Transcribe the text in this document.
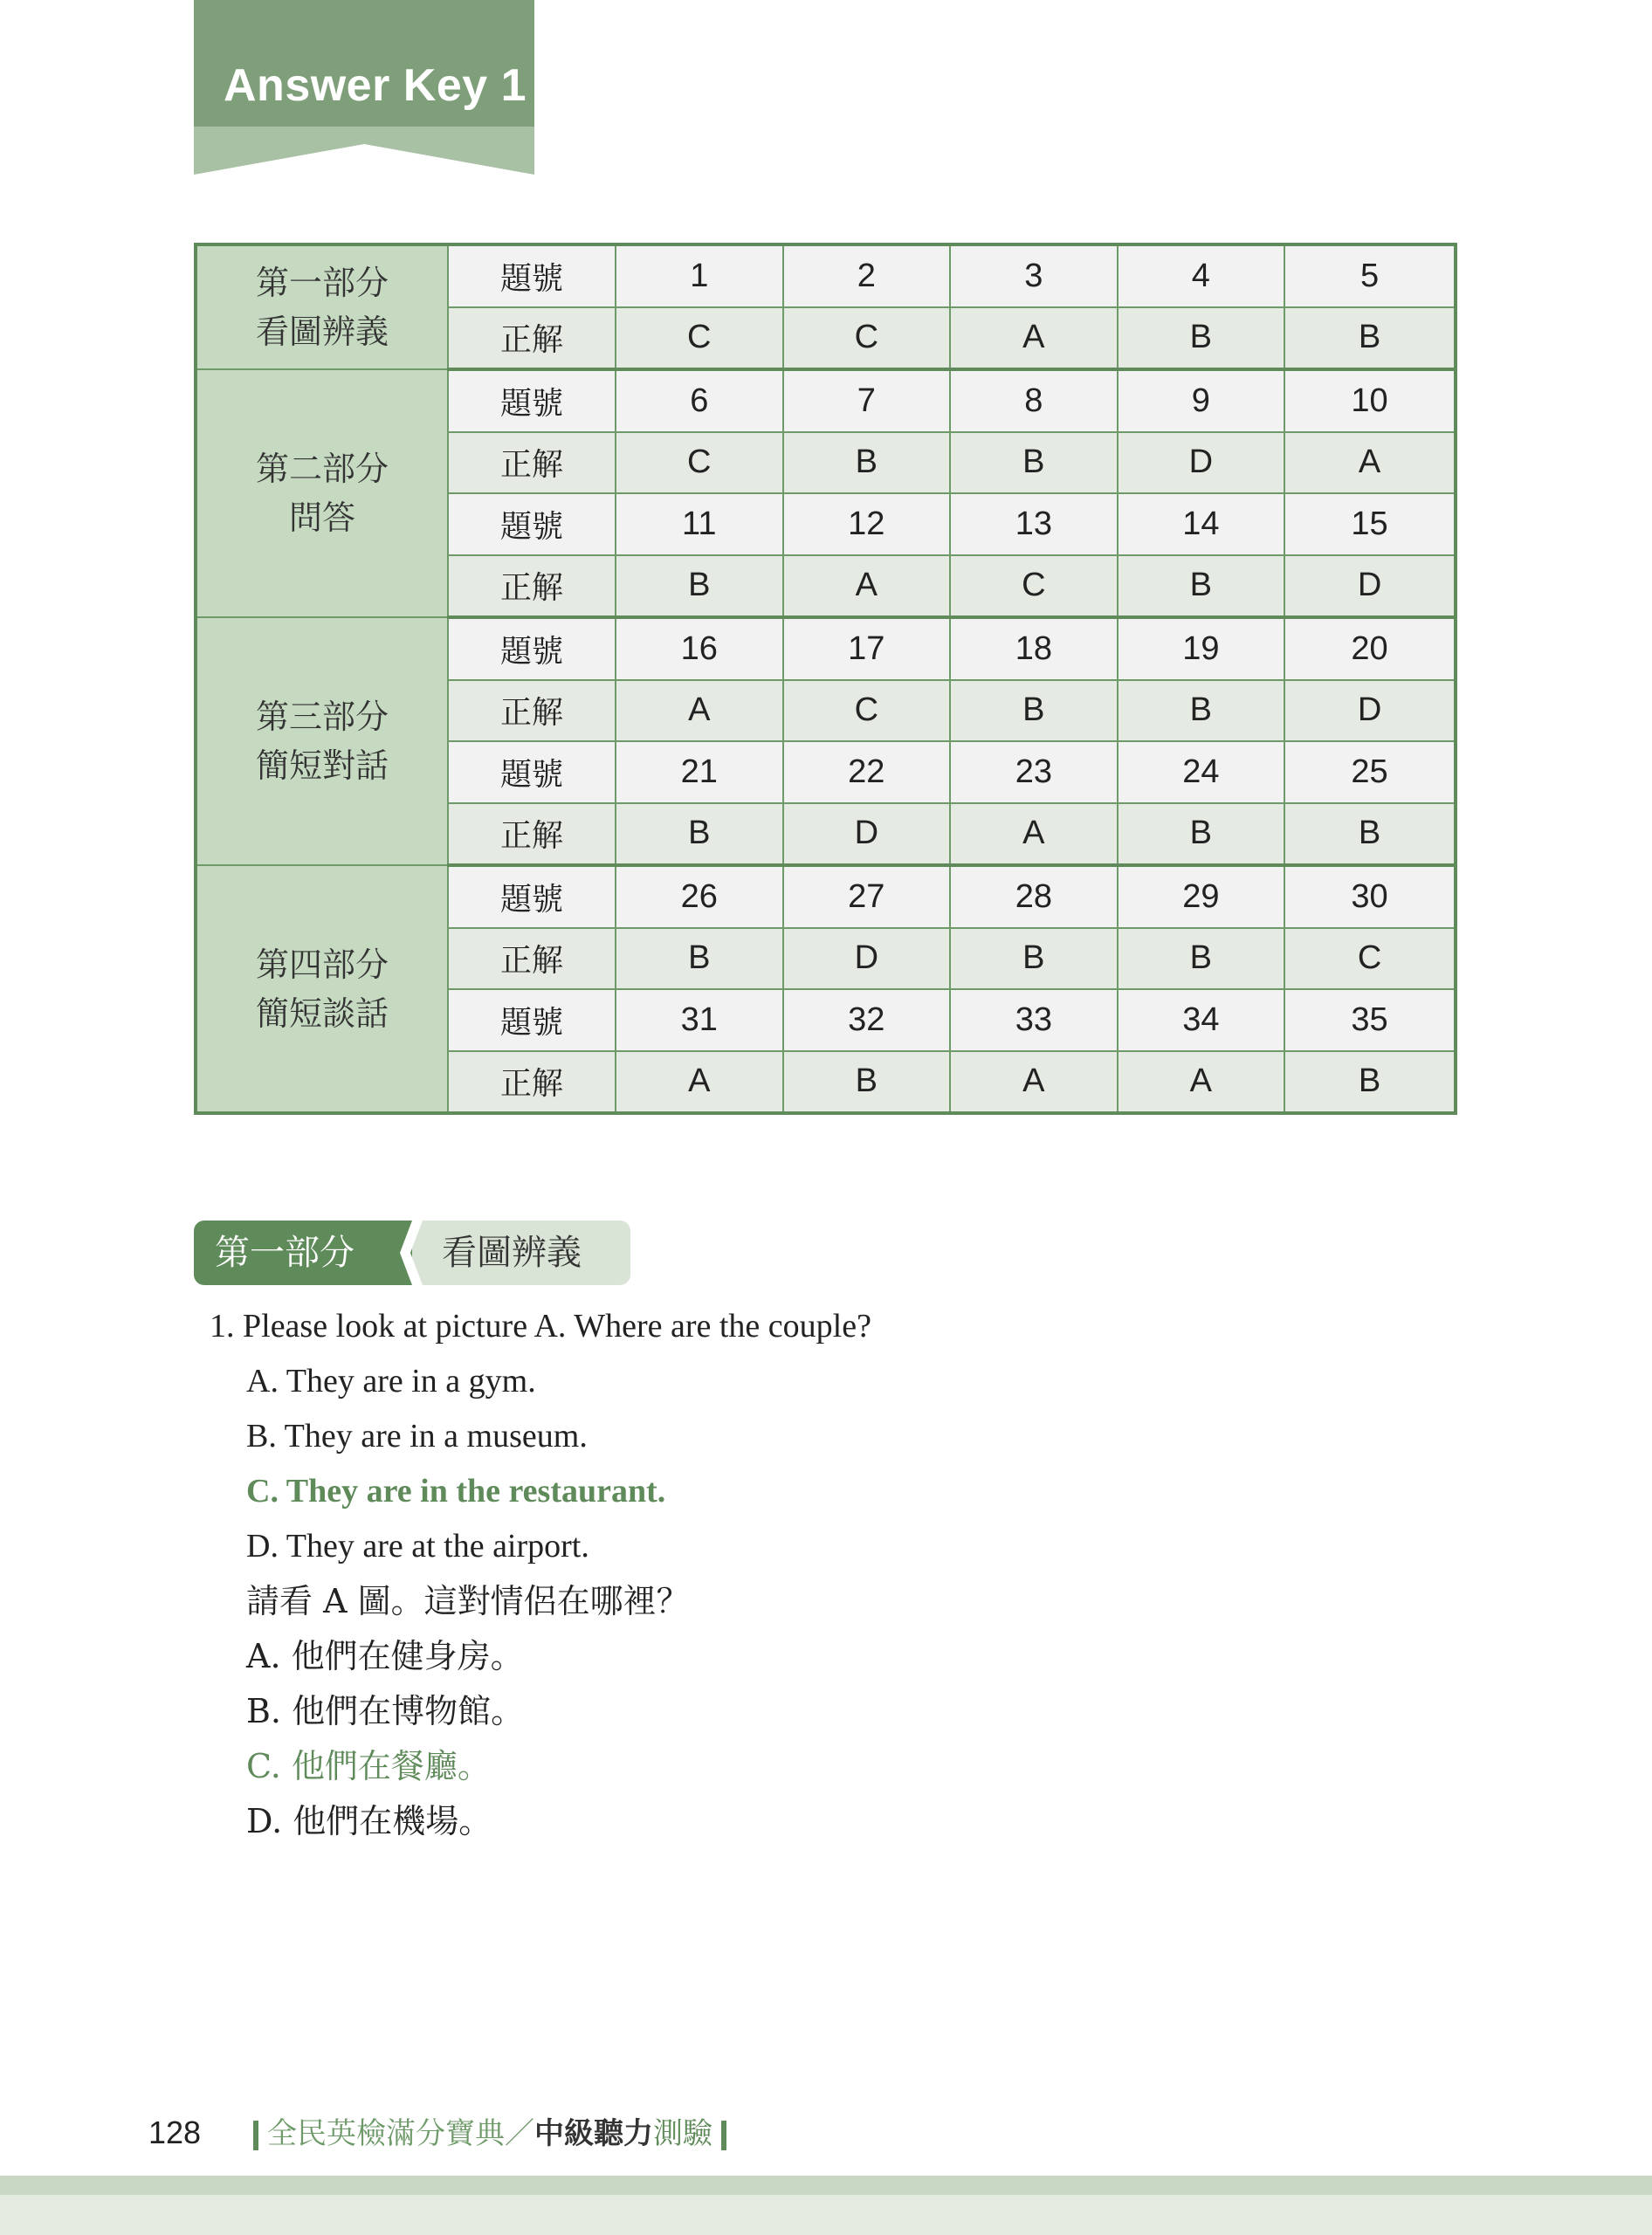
Answer Key 1
第一部分
看圖辨義	題號	1	2	3	4	5
	正解	C	C	A	B	B
第二部分
問答	題號	6	7	8	9	10
	正解	C	B	B	D	A
	題號	11	12	13	14	15
	正解	B	A	C	B	D
第三部分
簡短對話	題號	16	17	18	19	20
	正解	A	C	B	B	D
	題號	21	22	23	24	25
	正解	B	D	A	B	B
第四部分
簡短談話	題號	26	27	28	29	30
	正解	B	D	B	B	C
	題號	31	32	33	34	35
	正解	A	B	A	A	B
看圖辨義
第一部分
1. Please look at picture A. Where are the couple?
A. They are in a gym.
B. They are in a museum.
C. They are in the restaurant.
D. They are at the airport.
請看 A 圖。這對情侶在哪裡？
A. 他們在健身房。
B. 他們在博物館。
C. 他們在餐廳。
D. 他們在機場。
128 全民英檢滿分寶典／中級聽力測驗
